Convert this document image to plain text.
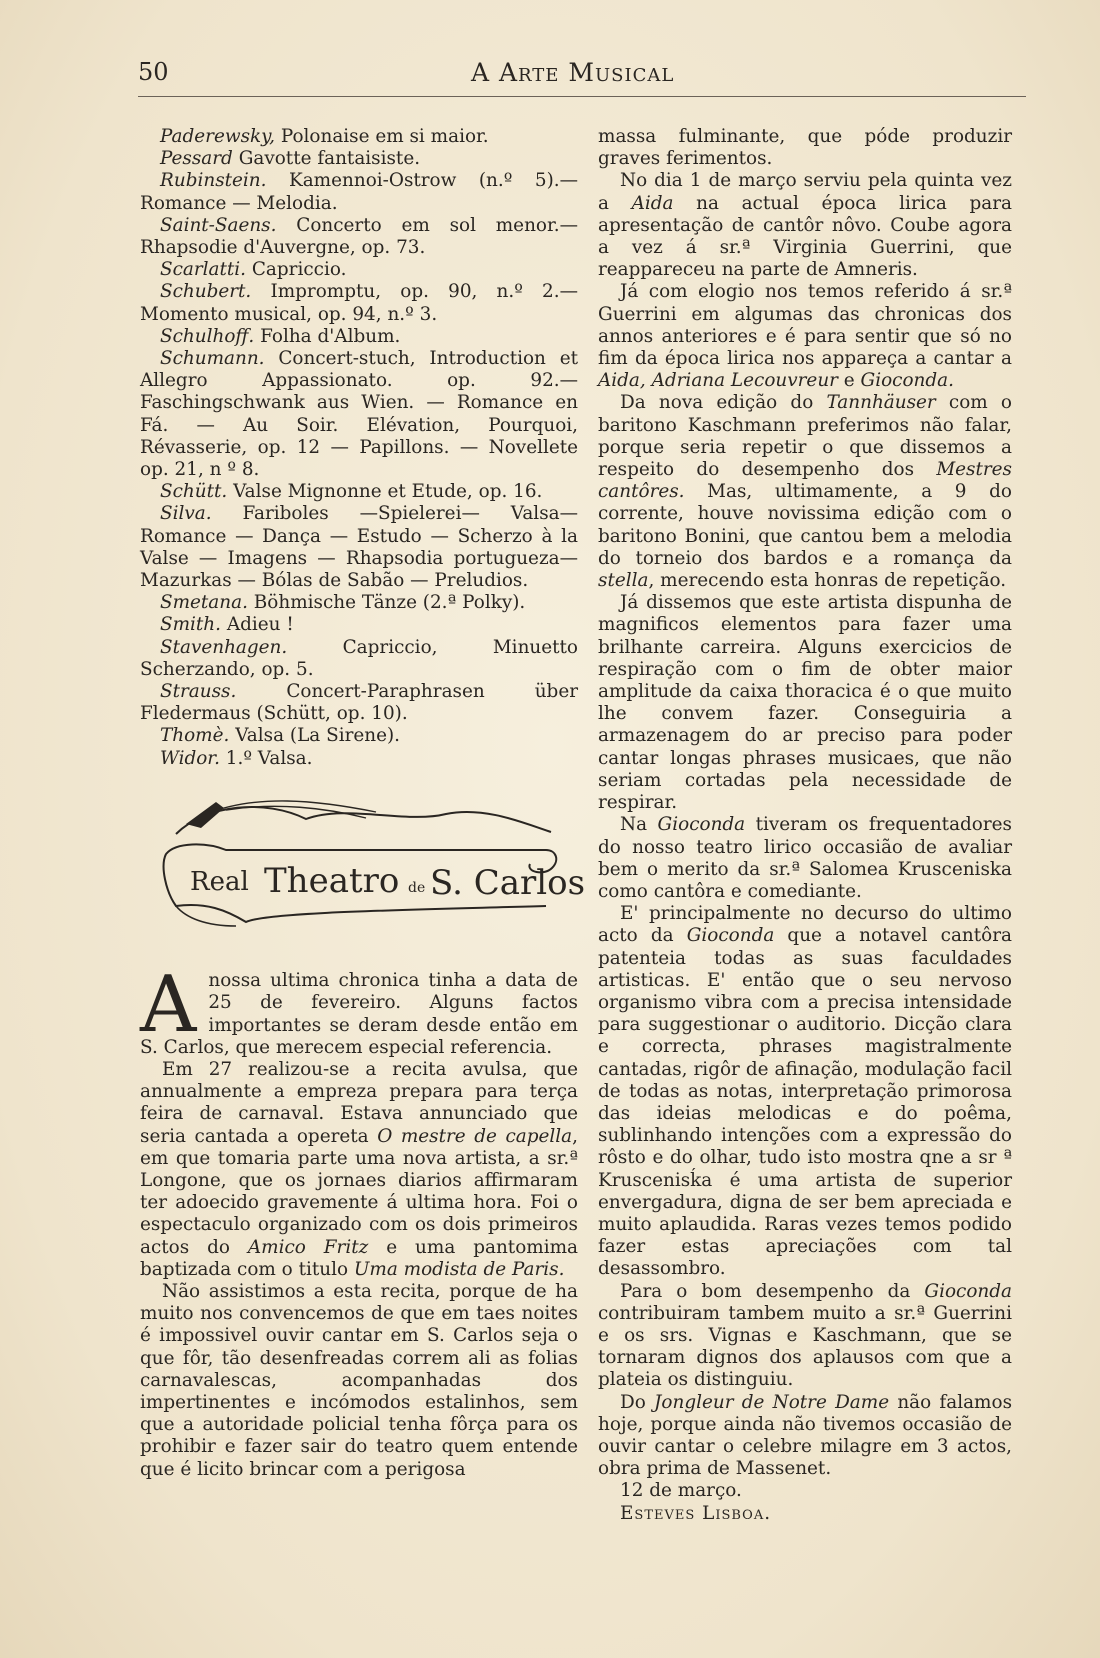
50	A Arte Musical

Paderewsky, Polonaise em si maior.

Pessard Gavotte fantaisiste.

Rubinstein. Kamennoi-Ostrow (n.º 5).— Romance — Melodia.

Saint-Saens. Concerto em sol menor.— Rhapsodie d'Auvergne, op. 73.

Scarlatti. Capriccio.

Schubert. Impromptu, op. 90, n.º 2.— Momento musical, op. 94, n.º 3.

Schulhoff. Folha d'Album.

Schumann. Concert-stuch, Introduction et Allegro Appassionato. op. 92.—Faschingschwank aus Wien. — Romance en Fá. — Au Soir. Elévation, Pourquoi, Révasserie, op. 12 — Papillons. — Novellete op. 21, n º 8.

Schütt. Valse Mignonne et Etude, op. 16.

Silva. Fariboles —Spielerei— Valsa—Romance — Dança — Estudo — Scherzo à la Valse — Imagens — Rhapsodia portugueza— Mazurkas — Bólas de Sabão — Preludios.

Smetana. Böhmische Tänze (2.ª Polky).

Smith. Adieu !

Stavenhagen. Capriccio, Minuetto Scherzando, op. 5.

Strauss. Concert-Paraphrasen über Fledermaus (Schütt, op. 10).

Thomè. Valsa (La Sirene).

Widor. 1.º Valsa.

Real Theatro de S. Carlos

Anossa ultima chronica tinha a data de 25 de fevereiro. Alguns factos importantes se deram desde então em S. Carlos, que merecem especial referencia.

Em 27 realizou-se a recita avulsa, que annualmente a empreza prepara para terça feira de carnaval. Estava annunciado que seria cantada a opereta O mestre de capella, em que tomaria parte uma nova artista, a sr.ª Longone, que os jornaes diarios affirmaram ter adoecido gravemente á ultima hora. Foi o espectaculo organizado com os dois primeiros actos do Amico Fritz e uma pantomima baptizada com o titulo Uma modista de Paris.

Não assistimos a esta recita, porque de ha muito nos convencemos de que em taes noites é impossivel ouvir cantar em S. Carlos seja o que fôr, tão desenfreadas correm ali as folias carnavalescas, acompanhadas dos impertinentes e incómodos estalinhos, sem que a autoridade policial tenha fôrça para os prohibir e fazer sair do teatro quem entende que é licito brincar com a perigosa

massa fulminante, que póde produzir graves ferimentos.

No dia 1 de março serviu pela quinta vez a Aida na actual época lirica para apresentação de cantôr nôvo. Coube agora a vez á sr.ª Virginia Guerrini, que reappareceu na parte de Amneris.

Já com elogio nos temos referido á sr.ª Guerrini em algumas das chronicas dos annos anteriores e é para sentir que só no fim da época lirica nos appareça a cantar a Aida, Adriana Lecouvreur e Gioconda.

Da nova edição do Tannhäuser com o baritono Kaschmann preferimos não falar, porque seria repetir o que dissemos a respeito do desempenho dos Mestres cantôres. Mas, ultimamente, a 9 do corrente, houve novissima edição com o baritono Bonini, que cantou bem a melodia do torneio dos bardos e a romança da stella, merecendo esta honras de repetição.

Já dissemos que este artista dispunha de magnificos elementos para fazer uma brilhante carreira. Alguns exercicios de respiração com o fim de obter maior amplitude da caixa thoracica é o que muito lhe convem fazer. Conseguiria a armazenagem do ar preciso para poder cantar longas phrases musicaes, que não seriam cortadas pela necessidade de respirar.

Na Gioconda tiveram os frequentadores do nosso teatro lirico occasião de avaliar bem o merito da sr.ª Salomea Krusceniska como cantôra e comediante.

E' principalmente no decurso do ultimo acto da Gioconda que a notavel cantôra patenteia todas as suas faculdades artisticas. E' então que o seu nervoso organismo vibra com a precisa intensidade para suggestionar o auditorio. Dicção clara e correcta, phrases magistralmente cantadas, rigôr de afinação, modulação facil de todas as notas, interpretação primorosa das ideias melodicas e do poêma, sublinhando intenções com a expressão do rôsto e do olhar, tudo isto mostra qne a sr ª Kruscenisḱa é uma artista de superior envergadura, digna de ser bem apreciada e muito aplaudida. Raras vezes temos podido fazer estas apreciações com tal desassombro.

Para o bom desempenho da Gioconda contribuiram tambem muito a sr.ª Guerrini e os srs. Vignas e Kaschmann, que se tornaram dignos dos aplausos com que a plateia os distinguiu.

Do Jongleur de Notre Dame não falamos hoje, porque ainda não tivemos occasião de ouvir cantar o celebre milagre em 3 actos, obra prima de Massenet.

12 de março.

Esteves Lisboa.
